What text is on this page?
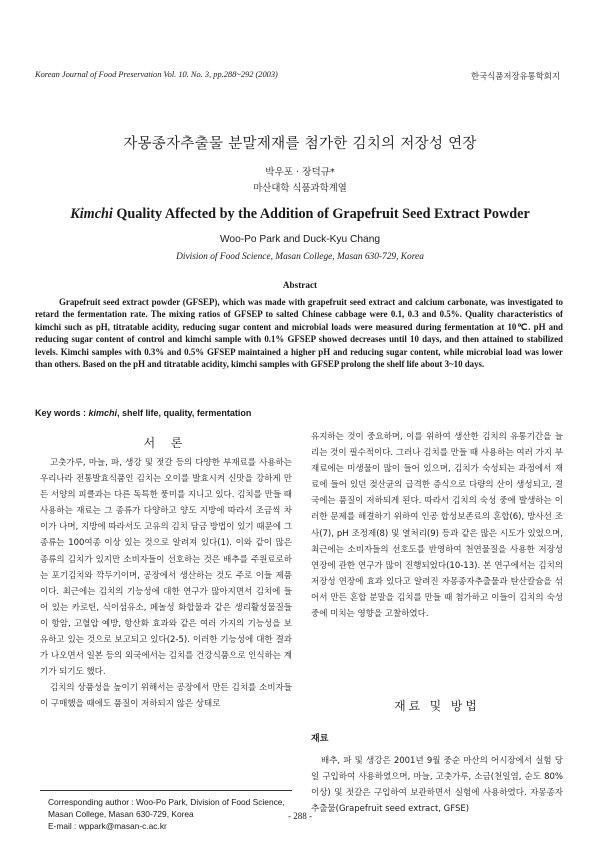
Korean Journal of Food Preservation Vol. 10. No. 3, pp.288~292 (2003)	한국식품저장유통학회지
자몽종자추출물 분말제재를 첨가한 김치의 저장성 연장
박우포 · 장덕규*
마산대학 식품과학계열
Kimchi Quality Affected by the Addition of Grapefruit Seed Extract Powder
Woo-Po Park and Duck-Kyu Chang
Division of Food Science, Masan College, Masan 630-729, Korea
Abstract

Grapefruit seed extract powder (GFSEP), which was made with grapefruit seed extract and calcium carbonate, was investigated to retard the fermentation rate. The mixing ratios of GFSEP to salted Chinese cabbage were 0.1, 0.3 and 0.5%. Quality characteristics of kimchi such as pH, titratable acidity, reducing sugar content and microbial loads were measured during fermentation at 10℃. pH and reducing sugar content of control and kimchi sample with 0.1% GFSEP showed decreases until 10 days, and then attained to stabilized levels. Kimchi samples with 0.3% and 0.5% GFSEP maintained a higher pH and reducing sugar content, while microbial load was lower than others. Based on the pH and titratable acidity, kimchi samples with GFSEP prolong the shelf life about 3~10 days.

Key words : kimchi, shelf life, quality, fermentation
서 론

고춧가루, 마늘, 파, 생강 및 젓갈 등의 다양한 부재료를 사용하는 우리나라 전통발효식품인 김치는 오이를 발효시켜 신맛을 강하게 만든 서양의 피클과는 다른 독특한 풍미를 지니고 있다. 김치를 만들 때 사용하는 재료는 그 종류가 다양하고 양도 지방에 따라서 조금씩 차이가 나며, 지방에 따라서도 고유의 김치 담금 방법이 있기 때문에 그 종류는 100여종 이상 있는 것으로 알려져 있다(1). 이와 같이 많은 종류의 김치가 있지만 소비자들이 선호하는 것은 배추를 주원료로하는 포기김치와 깍두기이며, 공장에서 생산하는 것도 주로 이들 제품이다. 최근에는 김치의 기능성에 대한 연구가 많아지면서 김치에 들어 있는 카로틴, 식이섬유소, 페놀성 화합물과 같은 생리활성물질들이 항암, 고혈압 예방, 항산화 효과와 같은 여러 가지의 기능성을 보유하고 있는 것으로 보고되고 있다(2-5). 이러한 기능성에 대한 결과가 나오면서 일본 등의 외국에서는 김치를 건강식품으로 인식하는 계기가 되기도 했다.

김치의 상품성을 높이기 위해서는 공장에서 만든 김치를 소비자들이 구매했을 때에도 품질이 저하되지 않은 상태로

유지하는 것이 중요하며, 이를 위하여 생산한 김치의 유통기간을 늘리는 것이 필수적이다. 그러나 김치를 만들 때 사용하는 여러 가지 부재료에는 미생물이 많이 들어 있으며, 김치가 숙성되는 과정에서 재료에 들어 있던 젖산균의 급격한 증식으로 다량의 산이 생성되고, 결국에는 품질이 저하되게 된다. 따라서 김치의 숙성 중에 발생하는 이러한 문제를 해결하기 위하여 인공 합성보존료의 혼합(6), 방사선 조사(7), pH 조정제(8) 및 열처리(9) 등과 같은 많은 시도가 있었으며, 최근에는 소비자들의 선호도를 반영하여 천연물질을 사용한 저장성 연장에 관한 연구가 많이 진행되었다(10-13). 본 연구에서는 김치의 저장성 연장에 효과 있다고 알려진 자몽종자추출물과 탄산칼슘을 섞어서 만든 혼합 분말을 김치를 만들 때 첨가하고 이들이 김치의 숙성 중에 미치는 영향을 고찰하였다.

재료 및 방법
재료

배추, 파 및 생강은 2001년 9월 중순 마산의 어시장에서 실험 당일 구입하여 사용하였으며, 마늘, 고춧가루, 소금(천일염, 순도 80%이상) 및 젓갈은 구입하여 보관하면서 실험에 사용하였다. 자몽종자추출물(Grapefruit seed extract, GFSE)

Corresponding author : Woo-Po Park, Division of Food Science,
Masan College, Masan 630-729, Korea
E-mail : wppark@masan-c.ac.kr
- 288 -
